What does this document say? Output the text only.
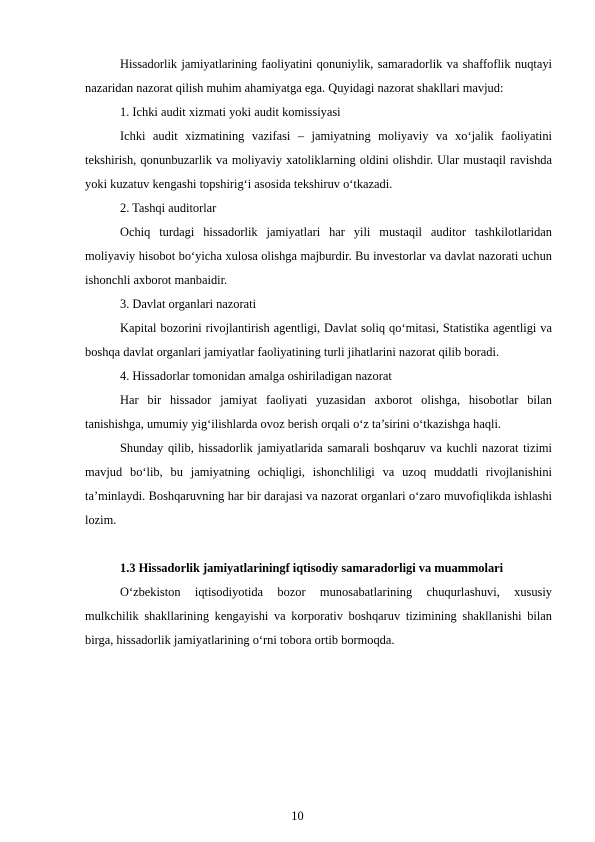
Hissadorlik jamiyatlarining faoliyatini qonuniylik, samaradorlik va shaffoflik nuqtayi nazaridan nazorat qilish muhim ahamiyatga ega. Quyidagi nazorat shakllari mavjud:

1. Ichki audit xizmati yoki audit komissiyasi

Ichki audit xizmatining vazifasi – jamiyatning moliyaviy va xo‘jalik faoliyatini tekshirish, qonunbuzarlik va moliyaviy xatoliklarning oldini olishdir. Ular mustaqil ravishda yoki kuzatuv kengashi topshirig‘i asosida tekshiruv o‘tkazadi.

2. Tashqi auditorlar

Ochiq turdagi hissadorlik jamiyatlari har yili mustaqil auditor tashkilotlaridan moliyaviy hisobot bo‘yicha xulosa olishga majburdir. Bu investorlar va davlat nazorati uchun ishonchli axborot manbaidir.

3. Davlat organlari nazorati

Kapital bozorini rivojlantirish agentligi, Davlat soliq qo‘mitasi, Statistika agentligi va boshqa davlat organlari jamiyatlar faoliyatining turli jihatlarini nazorat qilib boradi.

4. Hissadorlar tomonidan amalga oshiriladigan nazorat

Har bir hissador jamiyat faoliyati yuzasidan axborot olishga, hisobotlar bilan tanishishga, umumiy yig‘ilishlarda ovoz berish orqali o‘z ta’sirini o‘tkazishga haqli.

Shunday qilib, hissadorlik jamiyatlarida samarali boshqaruv va kuchli nazorat tizimi mavjud bo‘lib, bu jamiyatning ochiqligi, ishonchliligi va uzoq muddatli rivojlanishini ta’minlaydi. Boshqaruvning har bir darajasi va nazorat organlari o‘zaro muvofiqlikda ishlashi lozim.

1.3 Hissadorlik jamiyatlariningf iqtisodiy samaradorligi va muammolari

O‘zbekiston iqtisodiyotida bozor munosabatlarining chuqurlashuvi, xususiy mulkchilik shakllarining kengayishi va korporativ boshqaruv tizimining shakllanishi bilan birga, hissadorlik jamiyatlarining o‘rni tobora ortib bormoqda.

10
